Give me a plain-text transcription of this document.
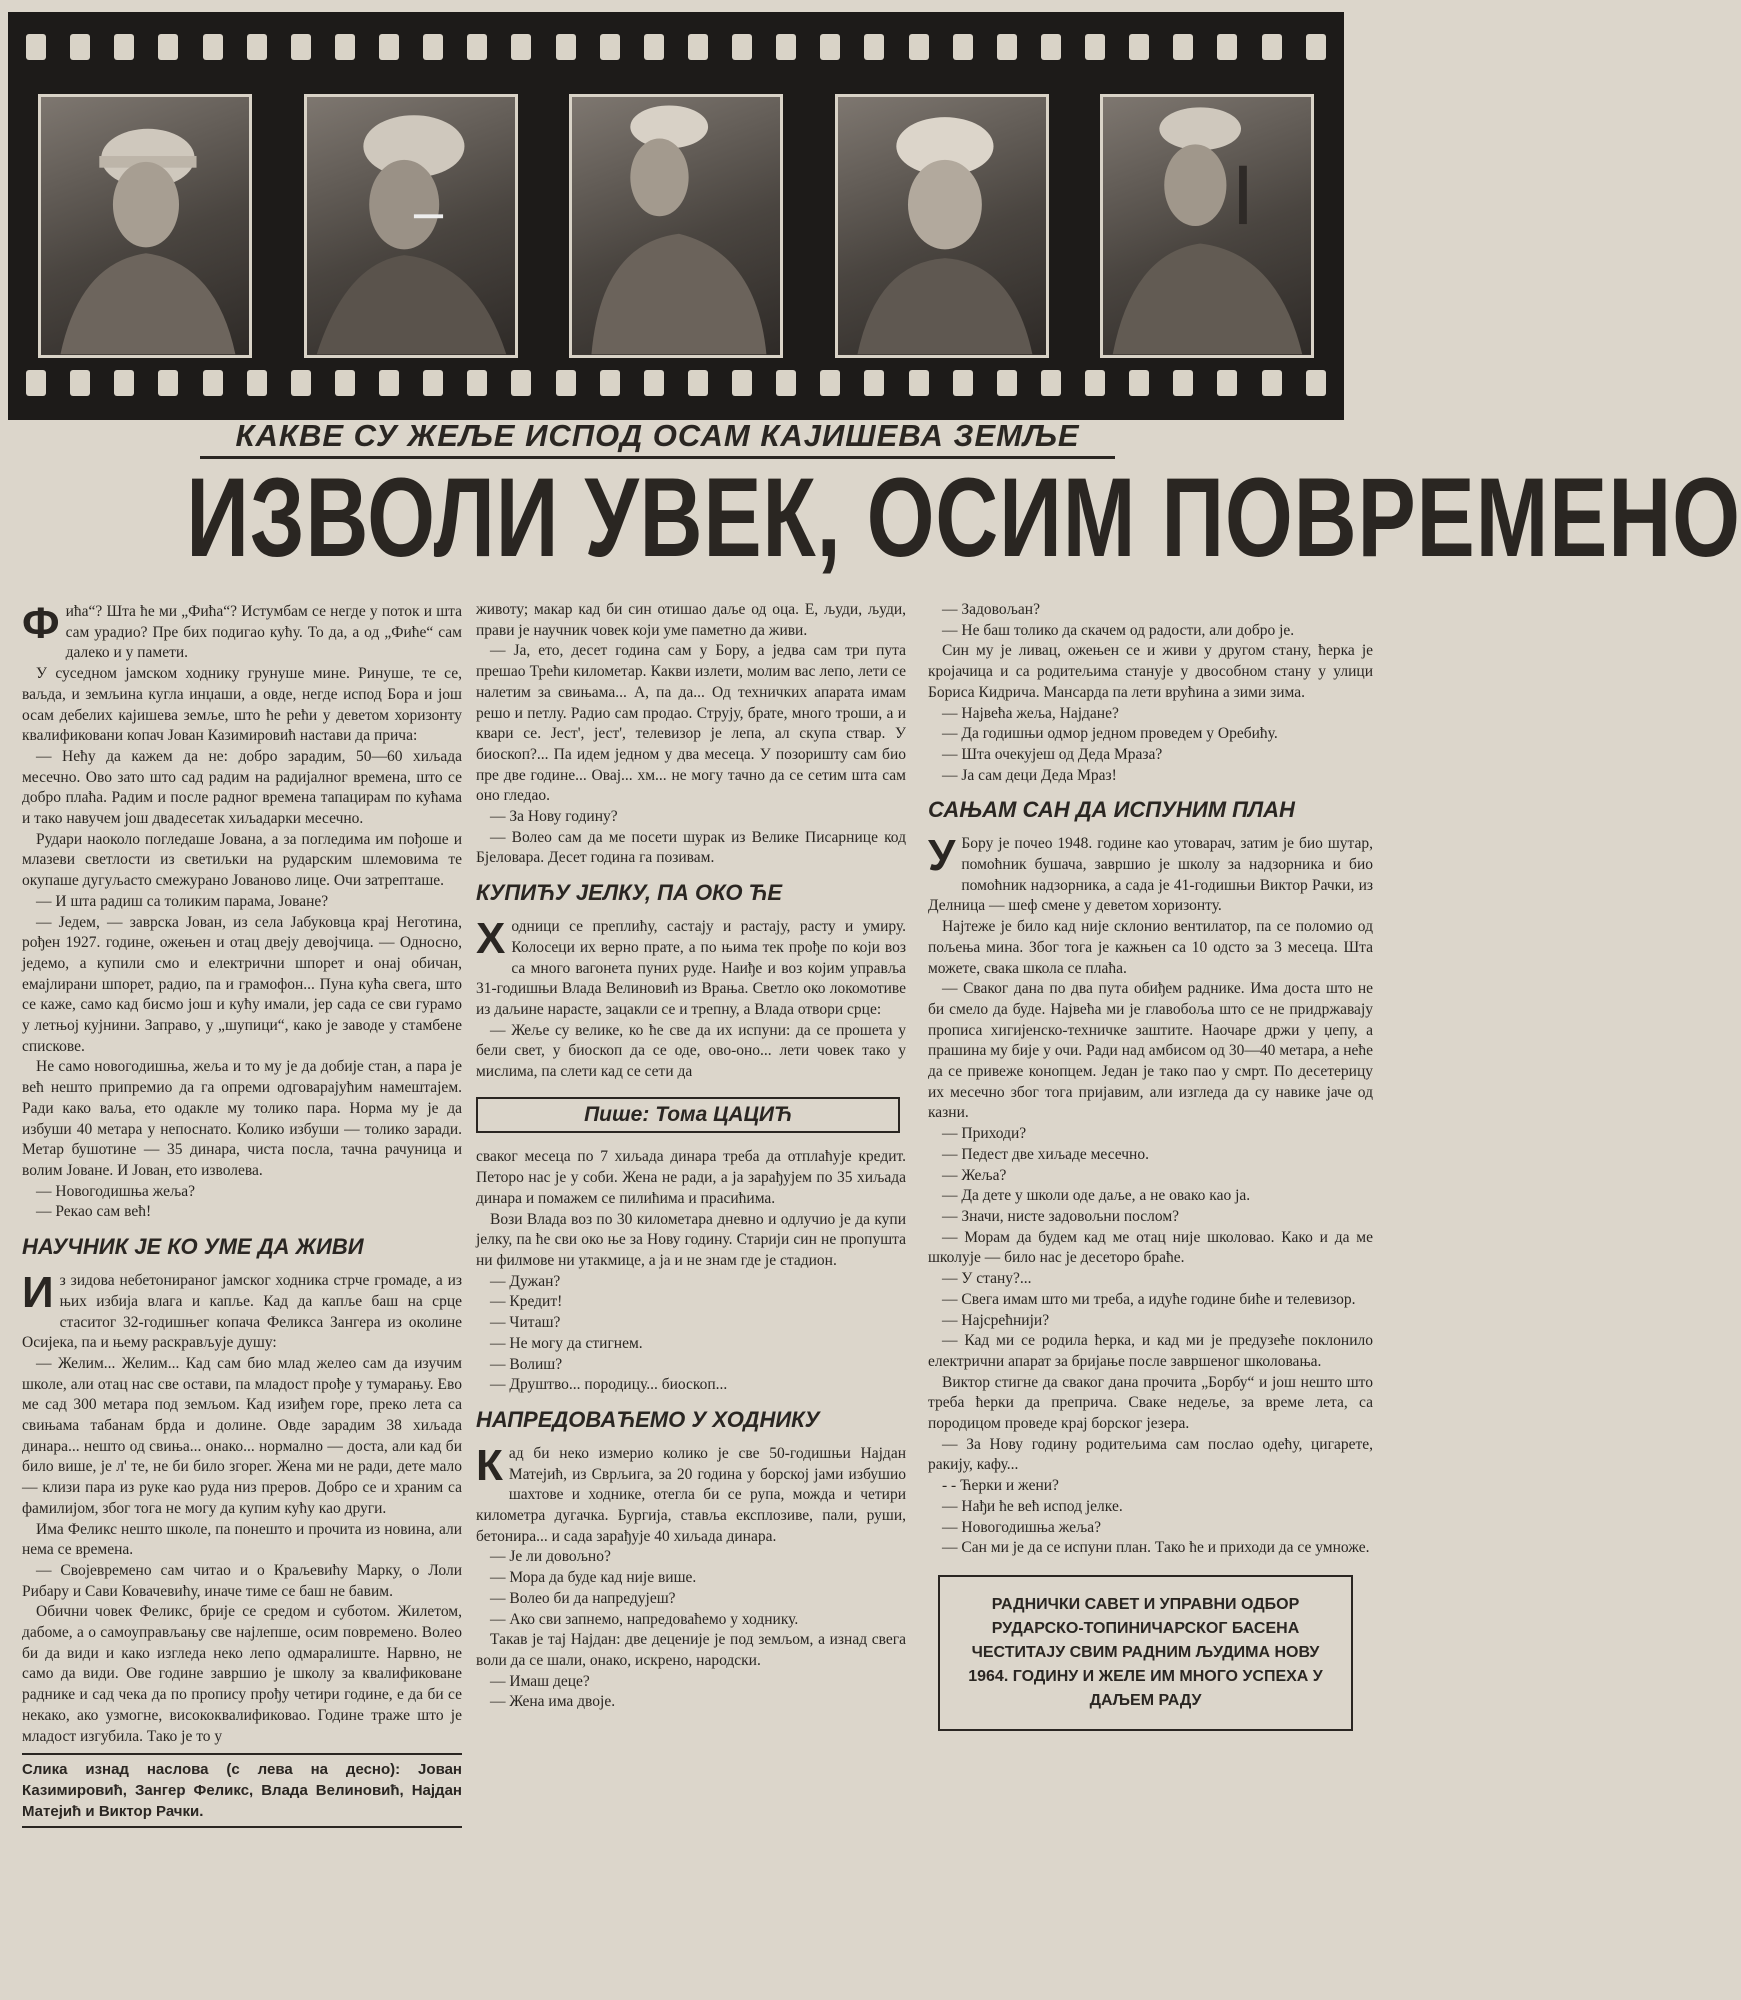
КАКВЕ СУ ЖЕЉЕ ИСПОД ОСАМ КАЈИШЕВА ЗЕМЉЕ
ИЗВОЛИ УВЕК, ОСИМ ПОВРЕМЕНО

Фића“? Шта ће ми „Фића“? Истумбам се негде у поток и шта сам урадио? Пре бих подигао кућу. То да, а од „Фиће“ сам далеко и у памети.

У суседном јамском ходнику грунуше мине. Ринуше, те се, ваљда, и земљина кугла инџаши, а овде, негде испод Бора и још осам дебелих кајишева земље, што ће рећи у деветом хоризонту квалификовани копач Јован Казимировић настави да прича:

— Нећу да кажем да не: добро зарадим, 50—60 хиљада месечно. Ово зато што сад радим на радијалног времена, што се добро плаћа. Радим и после радног времена тапацирам по кућама и тако навучем још двадесетак хиљадарки месечно.

Рудари наоколо погледаше Јована, а за погледима им пођоше и млазеви светлости из светиљки на рударским шлемовима те окупаше дугуљасто смежурано Јованово лице. Очи затрепташе.

— И шта радиш са толиким парама, Јоване?

— Једем, — заврска Јован, из села Јабуковца крај Неготина, рођен 1927. године, ожењен и отац двеју девојчица. — Односно, једемо, а купили смо и електрични шпорет и онај обичан, емајлирани шпорет, радио, па и грамофон... Пуна кућа свега, што се каже, само кад бисмо још и кућу имали, јер сада се сви гурамо у летњој кујнини. Заправо, у „шупици“, како је заводе у стамбене спискове.

Не само новогодишња, жеља и то му је да добије стан, а пара је већ нешто припремио да га опреми одговарајућим намештајем. Ради како ваља, ето одакле му толико пара. Норма му је да избуши 40 метара у непоснато. Колико избуши — толико заради. Метар бушотине — 35 динара, чиста посла, тачна рачуница и волим Јоване. И Јован, ето изволева.

— Новогодишња жеља?

— Рекао сам већ!

НАУЧНИК ЈЕ КО УМЕ ДА ЖИВИ

Из зидова небетонираног јамског ходника стрче громаде, а из њих избија влага и капље. Кад да капље баш на срце стаситог 32-годишњег копача Феликса Зангера из околине Осијека, па и њему раскрављује душу:

— Желим... Желим... Кад сам био млад желео сам да изучим школе, али отац нас све остави, па младост прође у тумарању. Ево ме сад 300 метара под земљом. Кад изиђем горе, преко лета са свињама табанам брда и долине. Овде зарадим 38 хиљада динара... нешто од свиња... онако... нормално — доста, али кад би било више, је л' те, не би било згорег. Жена ми не ради, дете мало — клизи пара из руке као руда низ преров. Добро се и храним са фамилијом, због тога не могу да купим кућу као други.

Има Феликс нешто школе, па понешто и прочита из новина, али нема се времена.

— Својевремено сам читао и о Краљевићу Марку, о Лоли Рибару и Сави Ковачевићу, иначе тиме се баш не бавим.

Обични човек Феликс, брије се средом и суботом. Жилетом, дабоме, а о самоуправљању све најлепше, осим повремено. Волео би да види и како изгледа неко лепо одмаралиште. Нарвно, не само да види. Ове године завршио је школу за квалификоване раднике и сад чека да по пропису прођу четири године, е да би се некако, ако узмогне, висококвалификовао. Године траже што је младост изгубила. Тако је то у

Слика изнад наслова (с лева на десно): Јован Казимировић, Зангер Феликс, Влада Велиновић, Најдан Матејић и Виктор Рачки.

животу; макар кад би син отишао даље од оца. Е, људи, људи, прави је научник човек који уме паметно да живи.

— Ја, ето, десет година сам у Бору, а једва сам три пута прешао Трећи километар. Какви излети, молим вас лепо, лети се налетим за свињама... А, па да... Од техничких апарата имам решо и петлу. Радио сам продао. Струју, брате, много троши, а и квари се. Јест', јест', телевизор је лепа, ал скупа ствар. У биоскоп?... Па идем једном у два месеца. У позоришту сам био пре две године... Овај... хм... не могу тачно да се сетим шта сам оно гледао.

— За Нову годину?

— Волео сам да ме посети шурак из Велике Писарнице код Бјеловара. Десет година га позивам.

КУПИЋУ ЈЕЛКУ, ПА ОКО ЋЕ

Ходници се преплићу, састају и растају, расту и умиру. Колосеци их верно прате, а по њима тек прође по који воз са много вагонета пуних руде. Наиђе и воз којим управља 31-годишњи Влада Велиновић из Врања. Светло око локомотиве из даљине нарасте, зацакли се и трепну, а Влада отвори срце:

— Жеље су велике, ко ће све да их испуни: да се прошета у бели свет, у биоскоп да се оде, ово-оно... лети човек тако у мислима, па слети кад се сети да

Пише: Тома ЦАЦИЋ

сваког месеца по 7 хиљада динара треба да отплаћује кредит. Петоро нас је у соби. Жена не ради, а ја зарађујем по 35 хиљада динара и помажем се пилићима и прасићима.

Вози Влада воз по 30 километара дневно и одлучио је да купи јелку, па ће сви око ње за Нову годину. Старији син не пропушта ни филмове ни утакмице, а ја и не знам где је стадион.

— Дужан?

— Кредит!

— Читаш?

— Не могу да стигнем.

— Волиш?

— Друштво... породицу... биоскоп...

НАПРЕДОВАЋЕМО У ХОДНИКУ

Кад би неко измерио колико је све 50-годишњи Најдан Матејић, из Сврљига, за 20 година у борској јами избушио шахтове и ходнике, отегла би се рупа, можда и четири километра дугачка. Бургија, ставља експлозиве, пали, руши, бетонира... и сада зарађује 40 хиљада динара.

— Је ли довољно?

— Мора да буде кад није више.

— Волео би да напредујеш?

— Ако сви запнемо, напредоваћемо у ходнику.

Такав је тај Најдан: две деценије је под земљом, а изнад свега воли да се шали, онако, искрено, народски.

— Имаш деце?

— Жена има двоје.

— Задовољан?

— Не баш толико да скачем од радости, али добро је.

Син му је ливац, ожењен се и живи у другом стану, ћерка је кројачица и са родитељима станује у двособном стану у улици Бориса Кидрича. Мансарда па лети врућина а зими зима.

— Највећа жеља, Најдане?

— Да годишњи одмор једном проведем у Оребићу.

— Шта очекујеш од Деда Мраза?

— Ја сам деци Деда Мраз!

САЊАМ САН ДА ИСПУНИМ ПЛАН

У Бору је почео 1948. године као утоварач, затим је био шутар, помоћник бушача, завршио је школу за надзорника и био помоћник надзорника, а сада је 41-годишњи Виктор Рачки, из Делница — шеф смене у деветом хоризонту.

Најтеже је било кад није склонио вентилатор, па се поломио од пољења мина. Због тога је кажњен са 10 одсто за 3 месеца. Шта можете, свака школа се плаћа.

— Сваког дана по два пута обиђем раднике. Има доста што не би смело да буде. Највећа ми је главобоља што се не придржавају прописа хигијенско-техничке заштите. Наочаре држи у џепу, а прашина му бије у очи. Ради над амбисом од 30—40 метара, а неће да се привеже конопцем. Један је тако пао у смрт. По десетерицу их месечно због тога пријавим, али изгледа да су навике јаче од казни.

— Приходи?

— Педест две хиљаде месечно.

— Жеља?

— Да дете у школи оде даље, а не овако као ја.

— Значи, нисте задовољни послом?

— Морам да будем кад ме отац није школовао. Како и да ме школује — било нас је десеторо браће.

— У стану?...

— Свега имам што ми треба, а идуће године биће и телевизор.

— Најсрећнији?

— Кад ми се родила ћерка, и кад ми је предузеће поклонило електрични апарат за бријање после завршеног школовања.

Виктор стигне да сваког дана прочита „Борбу“ и још нешто што треба ћерки да преприча. Сваке недеље, за време лета, са породицом проведе крај борског језера.

— За Нову годину родитељима сам послао одећу, цигарете, ракију, кафу...

- - Ћерки и жени?

— Нађи ће већ испод јелке.

— Новогодишња жеља?

— Сан ми је да се испуни план. Тако ће и приходи да се умноже.

РАДНИЧКИ САВЕТ И УПРАВНИ ОДБОР РУДАРСКО-ТОПИНИЧАРСКОГ БАСЕНА ЧЕСТИТАЈУ СВИМ РАДНИМ ЉУДИМА НОВУ 1964. ГОДИНУ И ЖЕЛЕ ИМ МНОГО УСПЕХА У ДАЉЕМ РАДУ
